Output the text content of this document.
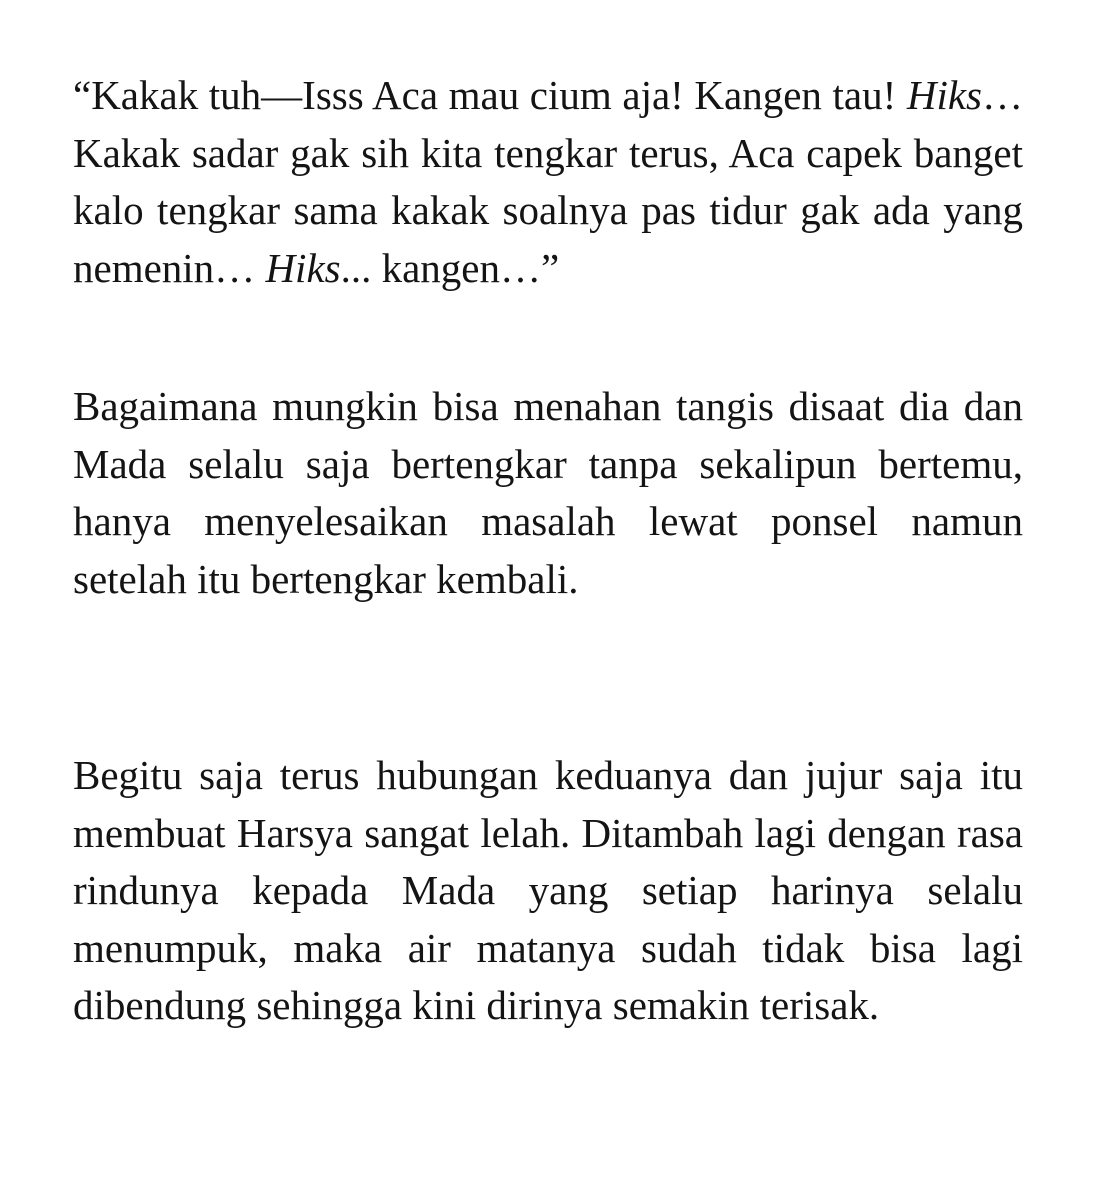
“Kakak tuh—Isss Aca mau cium aja! Kangen tau! Hiks… Kakak sadar gak sih kita tengkar terus, Aca capek banget kalo tengkar sama kakak soalnya pas tidur gak ada yang nemenin… Hiks... kangen…”

Bagaimana mungkin bisa menahan tangis disaat dia dan Mada selalu saja bertengkar tanpa sekalipun bertemu, hanya menyelesaikan masalah lewat ponsel namun setelah itu bertengkar kembali.

Begitu saja terus hubungan keduanya dan jujur saja itu membuat Harsya sangat lelah. Ditambah lagi dengan rasa rindunya kepada Mada yang setiap harinya selalu menumpuk, maka air matanya sudah tidak bisa lagi dibendung sehingga kini dirinya semakin terisak.
